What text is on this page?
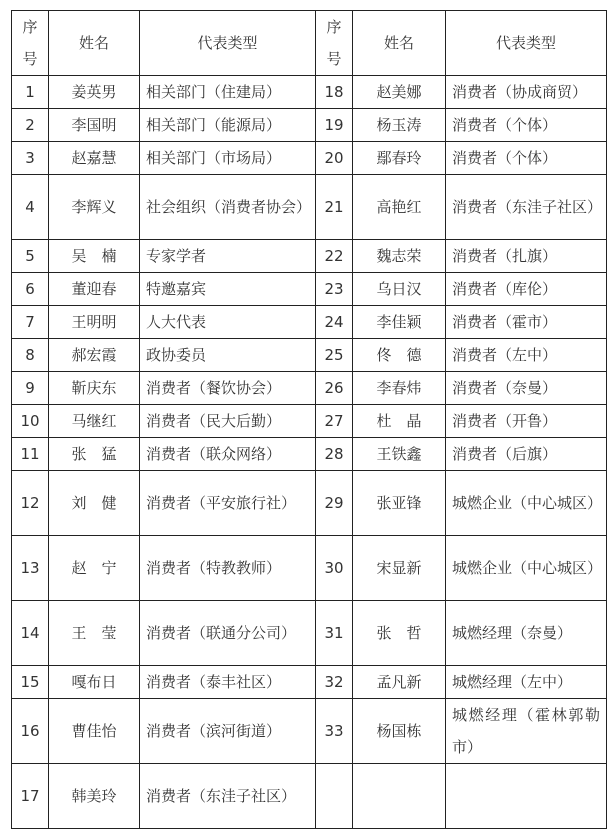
序号	姓名	代表类型	序号	姓名	代表类型
1	姜英男	相关部门（住建局）	18	赵美娜	消费者（协成商贸）
2	李国明	相关部门（能源局）	19	杨玉涛	消费者（个体）
3	赵嘉慧	相关部门（市场局）	20	鄢春玲	消费者（个体）
4	李辉义	社会组织（消费者协会）	21	高艳红	消费者（东洼子社区）
5	吴　楠	专家学者	22	魏志荣	消费者（扎旗）
6	董迎春	特邀嘉宾	23	乌日汉	消费者（库伦）
7	王明明	人大代表	24	李佳颖	消费者（霍市）
8	郝宏霞	政协委员	25	佟　德	消费者（左中）
9	靳庆东	消费者（餐饮协会）	26	李春炜	消费者（奈曼）
10	马继红	消费者（民大后勤）	27	杜　晶	消费者（开鲁）
11	张　猛	消费者（联众网络）	28	王铁鑫	消费者（后旗）
12	刘　健	消费者（平安旅行社）	29	张亚锋	城燃企业（中心城区）
13	赵　宁	消费者（特教教师）	30	宋显新	城燃企业（中心城区）
14	王　莹	消费者（联通分公司）	31	张　哲	城燃经理（奈曼）
15	嘎布日	消费者（泰丰社区）	32	孟凡新	城燃经理（左中）
16	曹佳怡	消费者（滨河街道）	33	杨国栋	城燃经理（霍林郭勒市）
17	韩美玲	消费者（东洼子社区）			
